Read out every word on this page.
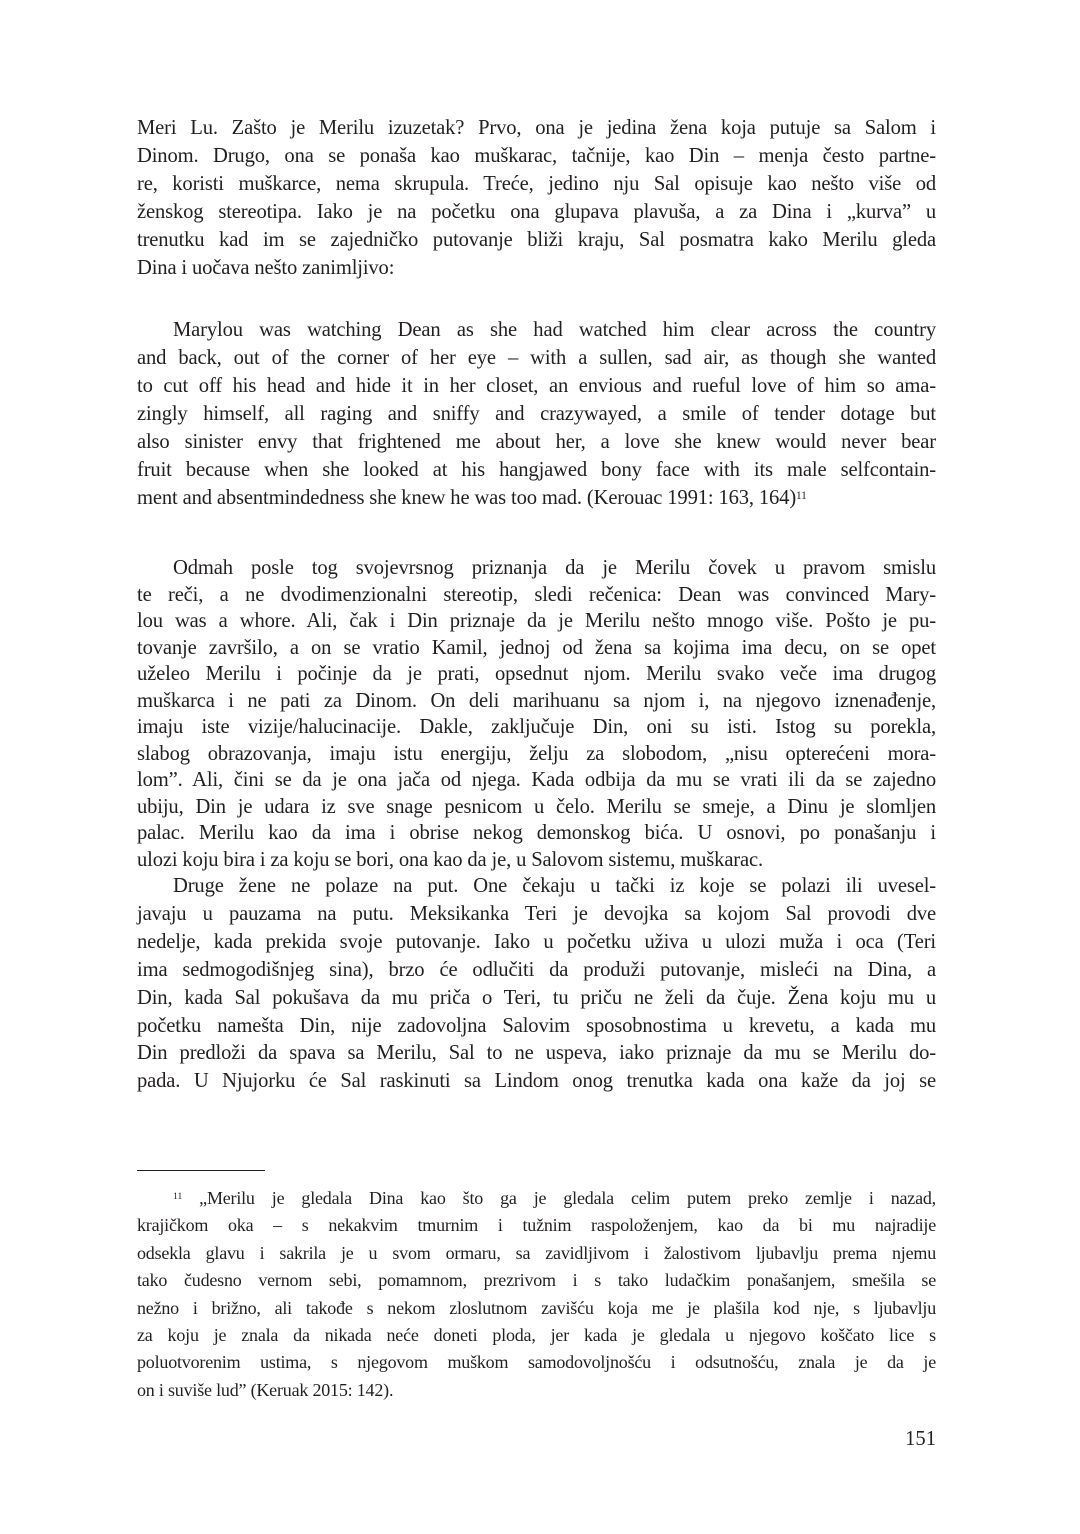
Meri Lu. Zašto je Merilu izuzetak? Prvo, ona je jedina žena koja putuje sa Salom i
Dinom. Drugo, ona se ponaša kao muškarac, tačnije, kao Din – menja često partne-
re, koristi muškarce, nema skrupula. Treće, jedino nju Sal opisuje kao nešto više od
ženskog stereotipa. Iako je na početku ona glupava plavuša, a za Dina i „kurva” u
trenutku kad im se zajedničko putovanje bliži kraju, Sal posmatra kako Merilu gleda
Dina i uočava nešto zanimljivo:
Marylou was watching Dean as she had watched him clear across the country
and back, out of the corner of her eye – with a sullen, sad air, as though she wanted
to cut off his head and hide it in her closet, an envious and rueful love of him so ama-
zingly himself, all raging and sniffy and crazywayed, a smile of tender dotage but
also sinister envy that frightened me about her, a love she knew would never bear
fruit because when she looked at his hangjawed bony face with its male selfcontain-
ment and absentmindedness she knew he was too mad. (Kerouac 1991: 163, 164)$^{11}$
Odmah posle tog svojevrsnog priznanja da je Merilu čovek u pravom smislu
te reči, a ne dvodimenzionalni stereotip, sledi rečenica: Dean was convinced Mary-
lou was a whore. Ali, čak i Din priznaje da je Merilu nešto mnogo više. Pošto je pu-
tovanje završilo, a on se vratio Kamil, jednoj od žena sa kojima ima decu, on se opet
uželeo Merilu i počinje da je prati, opsednut njom. Merilu svako veče ima drugog
muškarca i ne pati za Dinom. On deli marihuanu sa njom i, na njegovo iznenađenje,
imaju iste vizije/halucinacije. Dakle, zaključuje Din, oni su isti. Istog su porekla,
slabog obrazovanja, imaju istu energiju, želju za slobodom, „nisu opterećeni mora-
lom”. Ali, čini se da je ona jača od njega. Kada odbija da mu se vrati ili da se zajedno
ubiju, Din je udara iz sve snage pesnicom u čelo. Merilu se smeje, a Dinu je slomljen
palac. Merilu kao da ima i obrise nekog demonskog bića. U osnovi, po ponašanju i
ulozi koju bira i za koju se bori, ona kao da je, u Salovom sistemu, muškarac.
Druge žene ne polaze na put. One čekaju u tački iz koje se polazi ili uvesel-
javaju u pauzama na putu. Meksikanka Teri je devojka sa kojom Sal provodi dve
nedelje, kada prekida svoje putovanje. Iako u početku uživa u ulozi muža i oca (Teri
ima sedmogodišnjeg sina), brzo će odlučiti da produži putovanje, misleći na Dina, a
Din, kada Sal pokušava da mu priča o Teri, tu priču ne želi da čuje. Žena koju mu u
početku namešta Din, nije zadovoljna Salovim sposobnostima u krevetu, a kada mu
Din predloži da spava sa Merilu, Sal to ne uspeva, iako priznaje da mu se Merilu do-
pada. U Njujorku će Sal raskinuti sa Lindom onog trenutka kada ona kaže da joj se
$^{11}$ „Merilu je gledala Dina kao što ga je gledala celim putem preko zemlje i nazad,
krajičkom oka – s nekakvim tmurnim i tužnim raspoloženjem, kao da bi mu najradije
odsekla glavu i sakrila je u svom ormaru, sa zavidljivom i žalostivom ljubavlju prema njemu
tako čudesno vernom sebi, pomamnom, prezrivom i s tako ludačkim ponašanjem, smešila se
nežno i brižno, ali takođe s nekom zloslutnom zavišću koja me je plašila kod nje, s ljubavlju
za koju je znala da nikada neće doneti ploda, jer kada je gledala u njegovo koščato lice s
poluotvorenim ustima, s njegovom muškom samodovoljnošću i odsutnošću, znala je da je
on i suviše lud” (Keruak 2015: 142).
151
